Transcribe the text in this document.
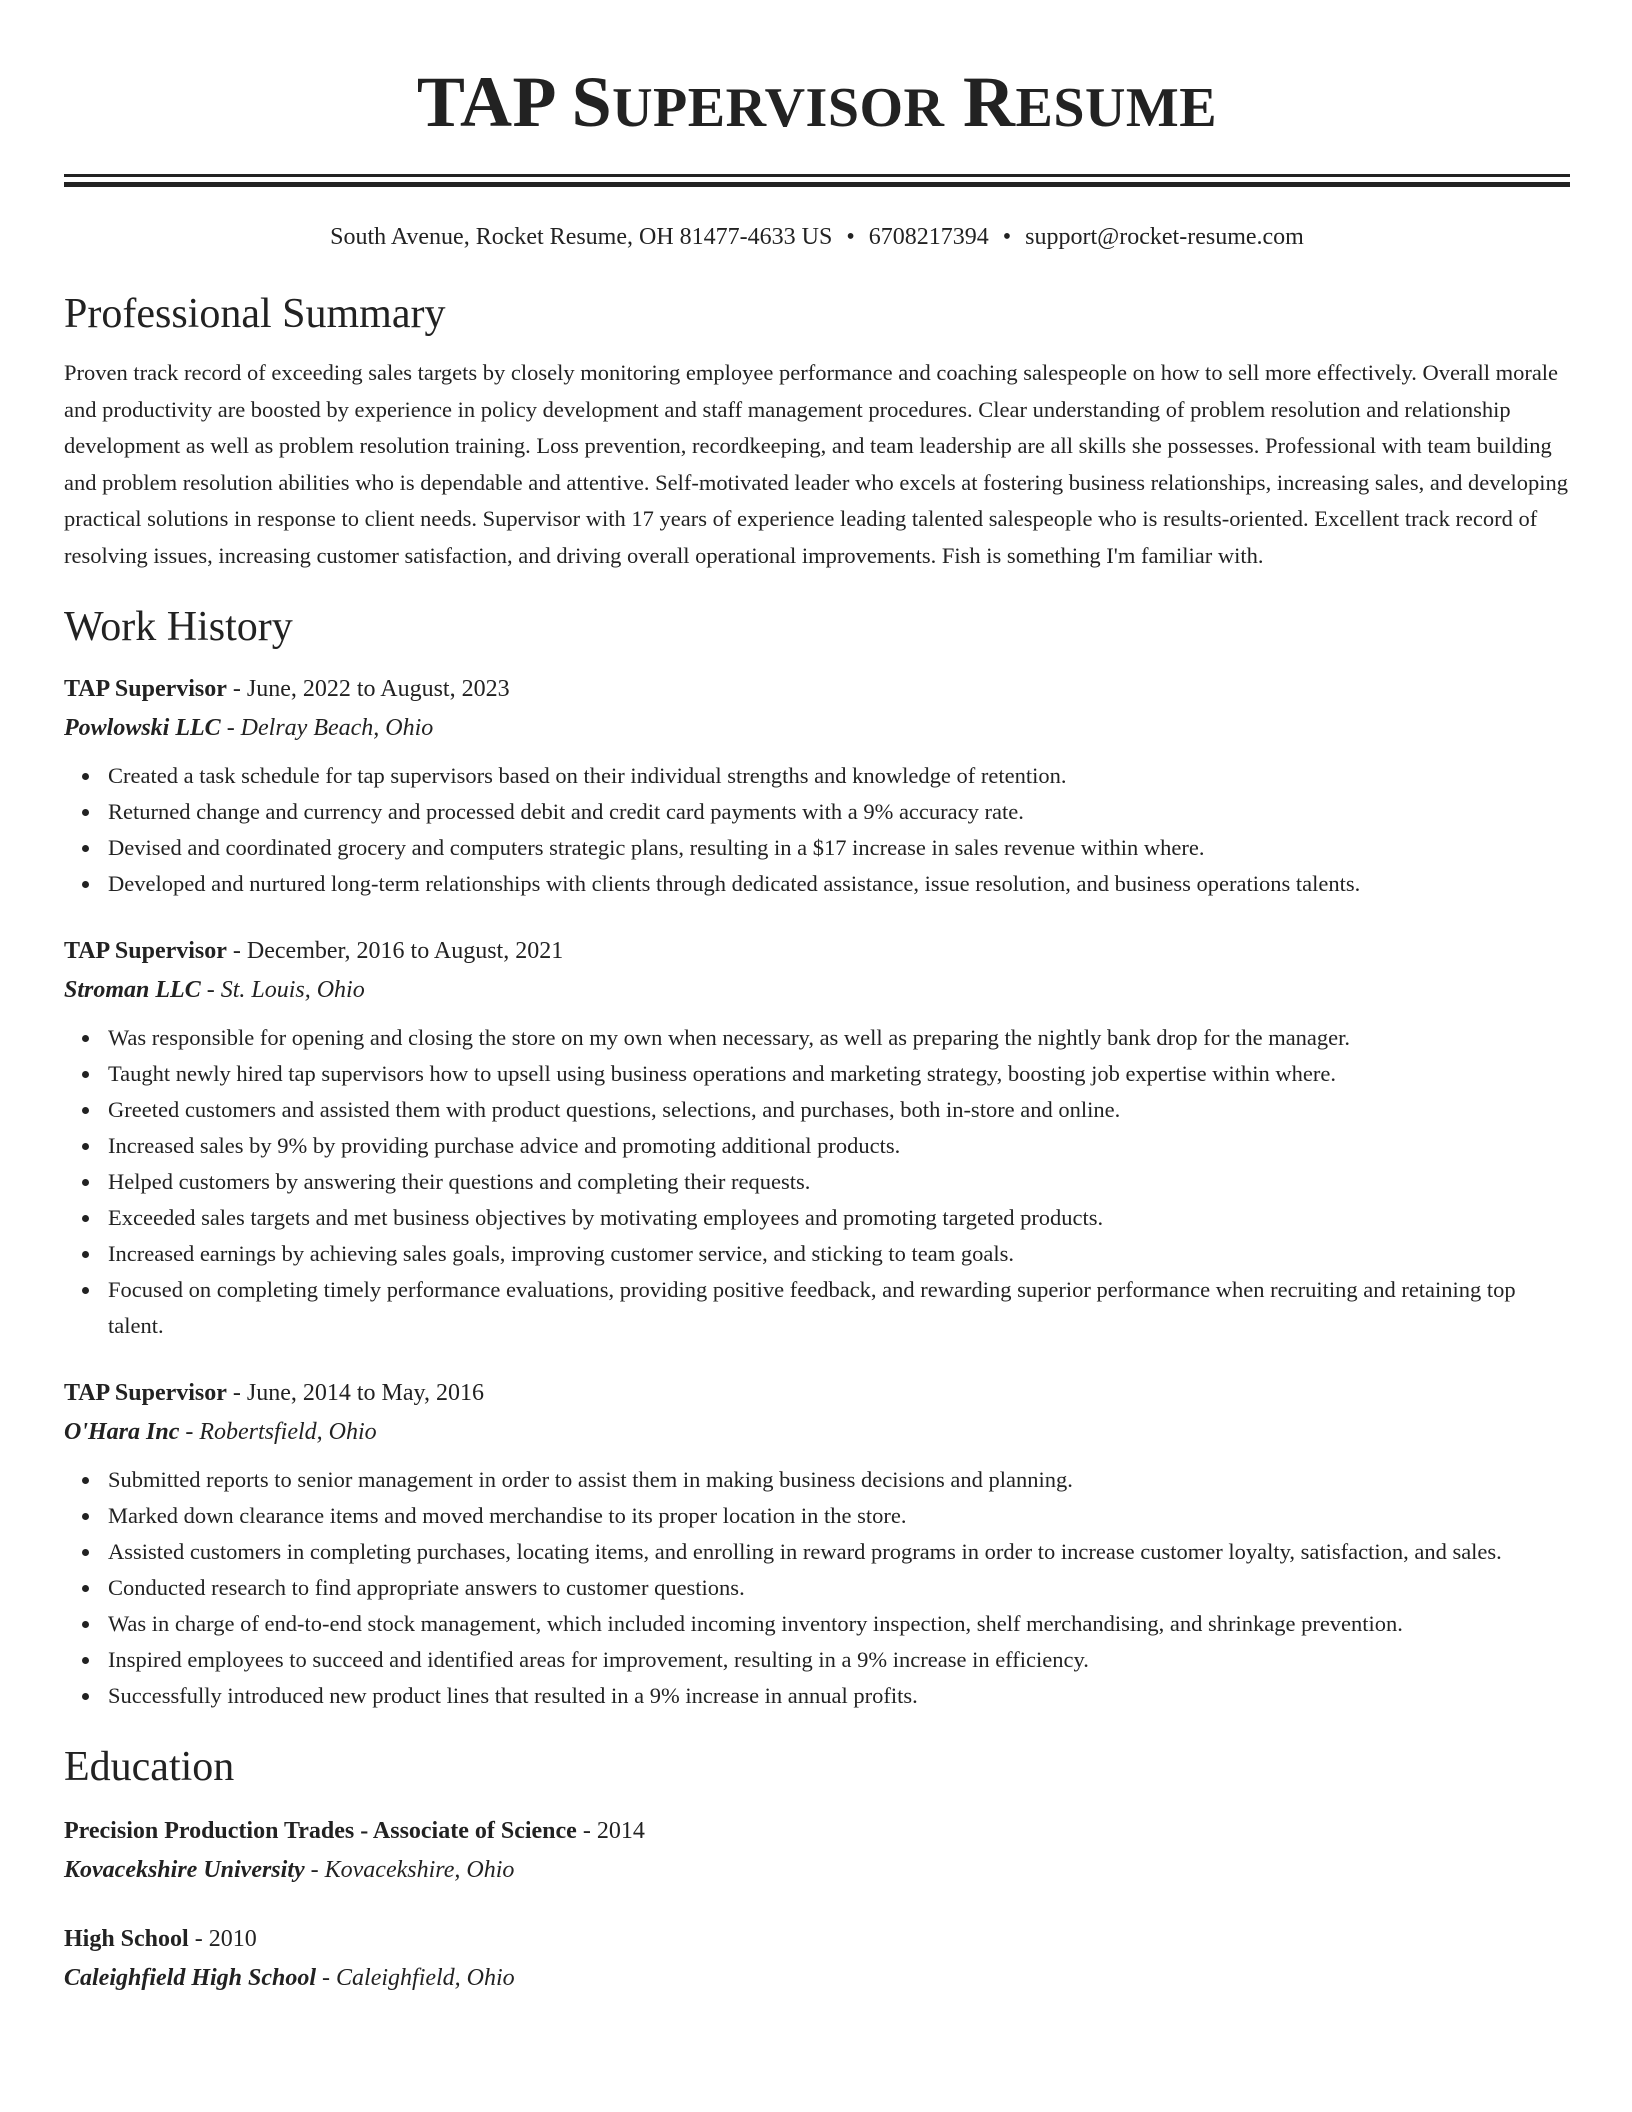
TAP SUPERVISOR RESUME
South Avenue, Rocket Resume, OH 81477-4633 US • 6708217394 • support@rocket-resume.com
Professional Summary

Proven track record of exceeding sales targets by closely monitoring employee performance and coaching salespeople on how to sell more effectively. Overall morale and productivity are boosted by experience in policy development and staff management procedures. Clear understanding of problem resolution and relationship development as well as problem resolution training. Loss prevention, recordkeeping, and team leadership are all skills she possesses. Professional with team building and problem resolution abilities who is dependable and attentive. Self-motivated leader who excels at fostering business relationships, increasing sales, and developing practical solutions in response to client needs. Supervisor with 17 years of experience leading talented salespeople who is results-oriented. Excellent track record of resolving issues, increasing customer satisfaction, and driving overall operational improvements. Fish is something I'm familiar with.

Work History
TAP Supervisor - June, 2022 to August, 2023
Powlowski LLC - Delray Beach, Ohio
Created a task schedule for tap supervisors based on their individual strengths and knowledge of retention.
Returned change and currency and processed debit and credit card payments with a 9% accuracy rate.
Devised and coordinated grocery and computers strategic plans, resulting in a $17 increase in sales revenue within where.
Developed and nurtured long-term relationships with clients through dedicated assistance, issue resolution, and business operations talents.
TAP Supervisor - December, 2016 to August, 2021
Stroman LLC - St. Louis, Ohio
Was responsible for opening and closing the store on my own when necessary, as well as preparing the nightly bank drop for the manager.
Taught newly hired tap supervisors how to upsell using business operations and marketing strategy, boosting job expertise within where.
Greeted customers and assisted them with product questions, selections, and purchases, both in-store and online.
Increased sales by 9% by providing purchase advice and promoting additional products.
Helped customers by answering their questions and completing their requests.
Exceeded sales targets and met business objectives by motivating employees and promoting targeted products.
Increased earnings by achieving sales goals, improving customer service, and sticking to team goals.
Focused on completing timely performance evaluations, providing positive feedback, and rewarding superior performance when recruiting and retaining top talent.
TAP Supervisor - June, 2014 to May, 2016
O'Hara Inc - Robertsfield, Ohio
Submitted reports to senior management in order to assist them in making business decisions and planning.
Marked down clearance items and moved merchandise to its proper location in the store.
Assisted customers in completing purchases, locating items, and enrolling in reward programs in order to increase customer loyalty, satisfaction, and sales.
Conducted research to find appropriate answers to customer questions.
Was in charge of end-to-end stock management, which included incoming inventory inspection, shelf merchandising, and shrinkage prevention.
Inspired employees to succeed and identified areas for improvement, resulting in a 9% increase in efficiency.
Successfully introduced new product lines that resulted in a 9% increase in annual profits.
Education
Precision Production Trades - Associate of Science - 2014
Kovacekshire University - Kovacekshire, Ohio
High School - 2010
Caleighfield High School - Caleighfield, Ohio
